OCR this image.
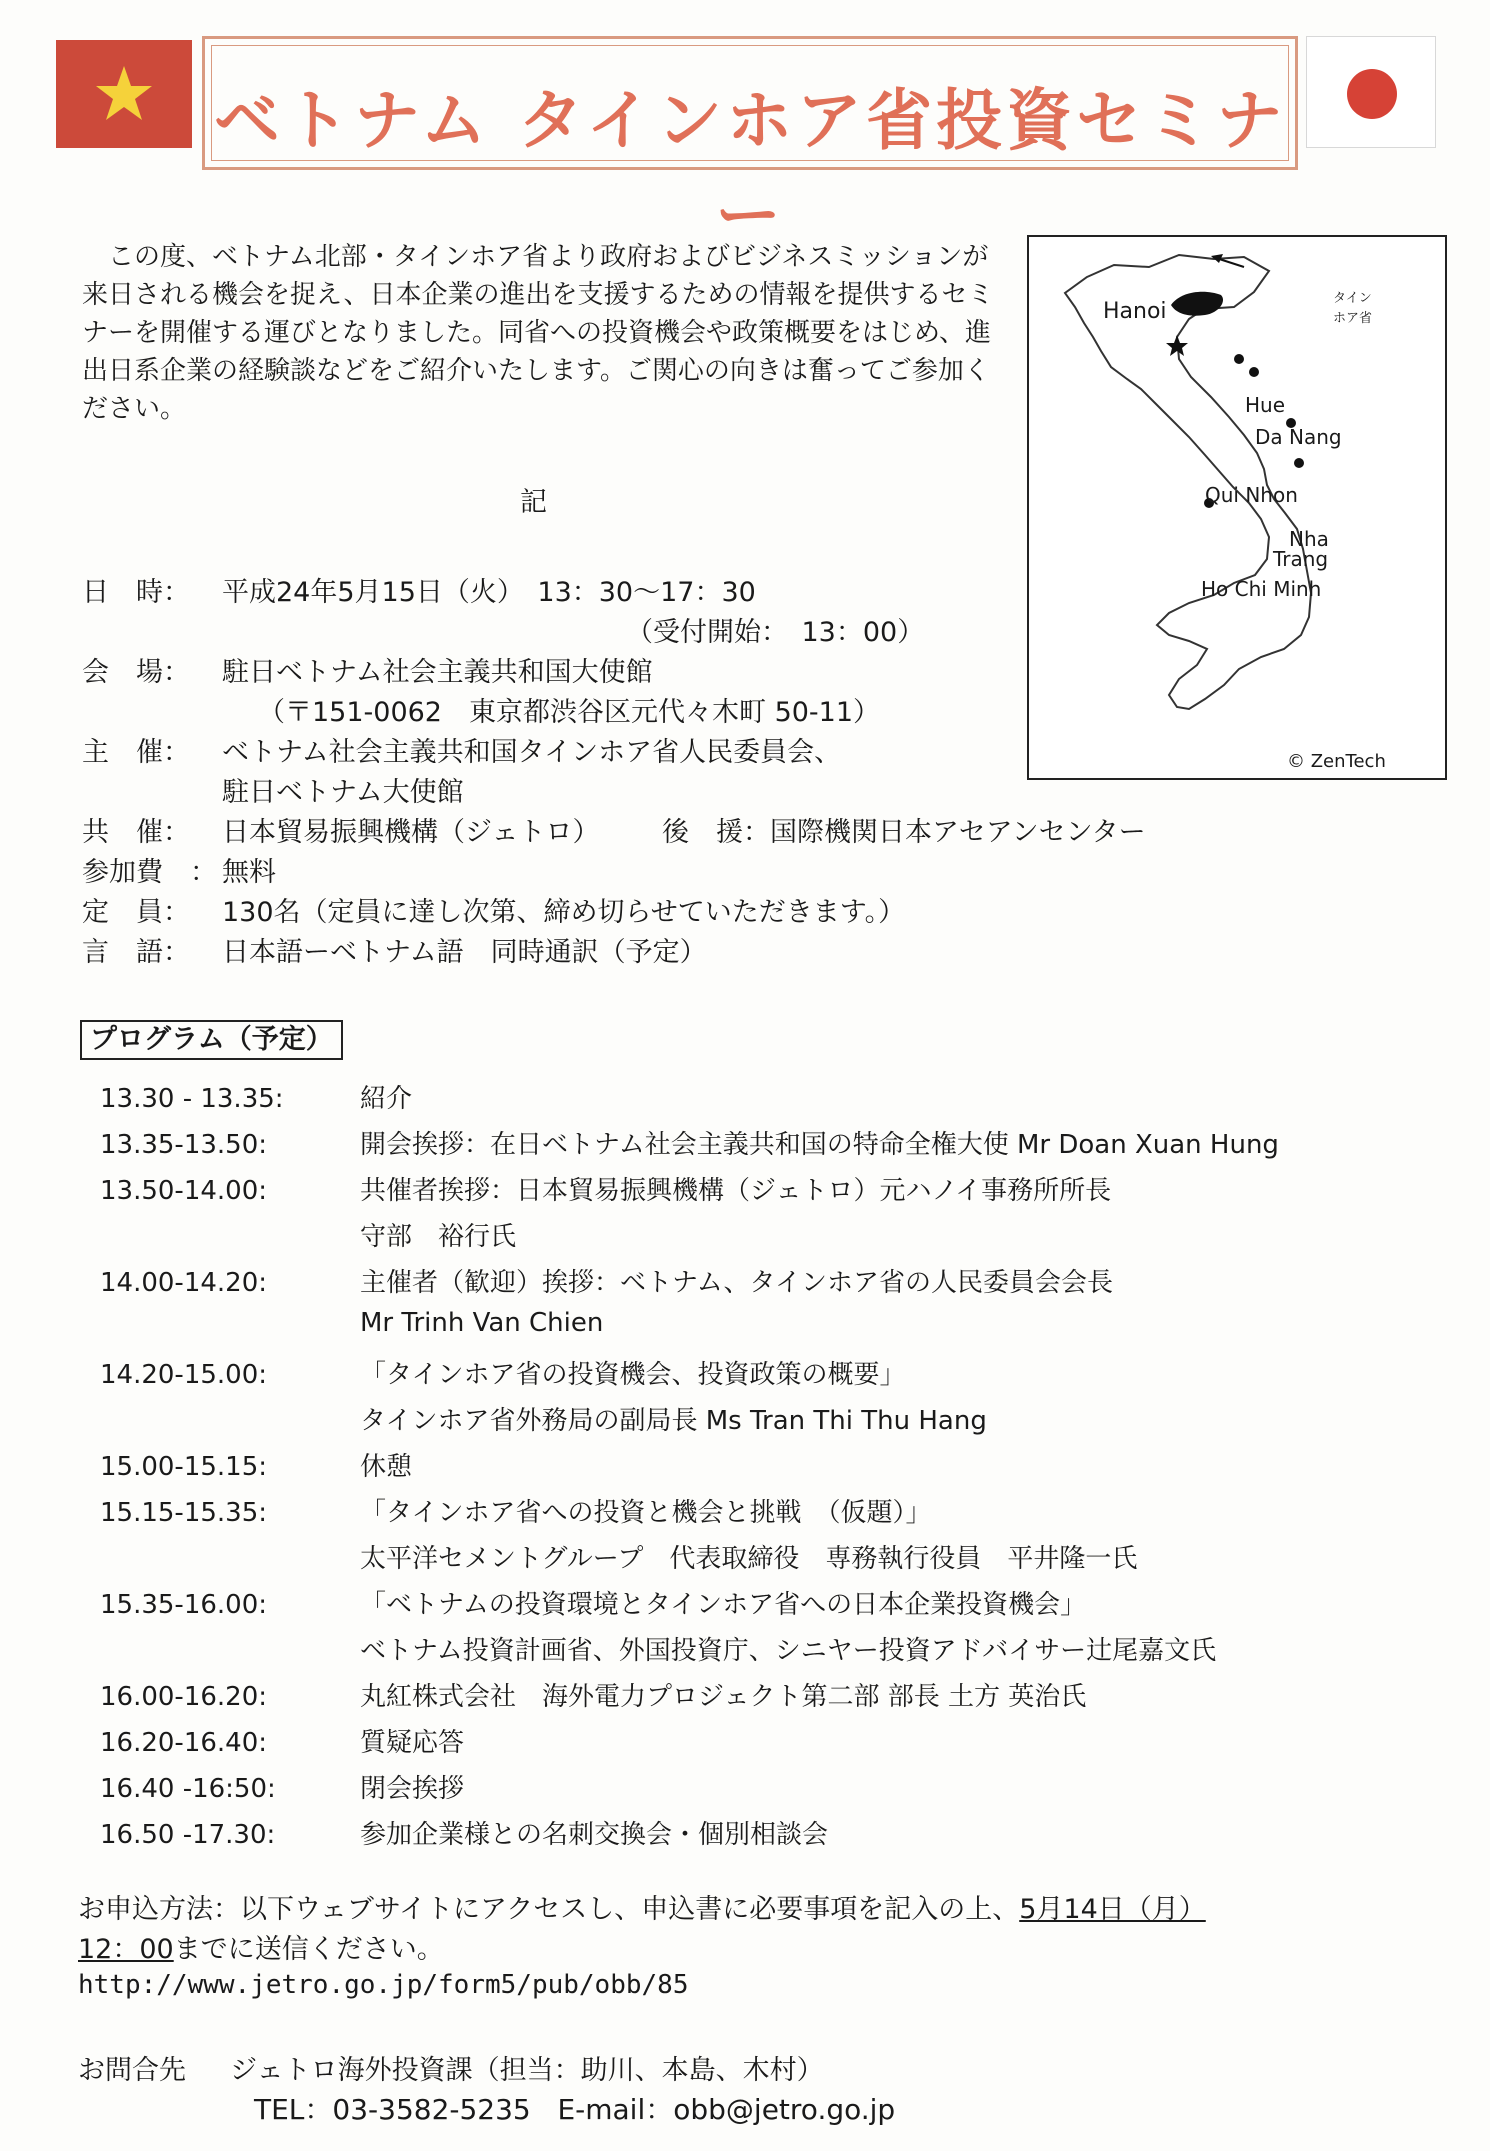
ベトナム タインホア省投資セミナー
この度、ベトナム北部・タインホア省より政府およびビジネスミッションが来日される機会を捉え、日本企業の進出を支援するための情報を提供するセミナーを開催する運びとなりました。同省への投資機会や政策概要をはじめ、進出日系企業の経験談などをご紹介いたします。ご関心の向きは奮ってご参加ください。
記
Hanoi
タイン
ホア省
Hue
Da Nang
Qui Nhon
Nha
Trang
Ho Chi Minh
© ZenTech
日　時： 平成24年5月15日（火）　13：30〜17：30
（受付開始：　13：00）
会　場： 駐日ベトナム社会主義共和国大使館
（〒151-0062　東京都渋谷区元代々木町 50-11）
主　催： ベトナム社会主義共和国タインホア省人民委員会、
駐日ベトナム大使館
共　催： 日本貿易振興機構（ジェトロ） 後　援：国際機関日本アセアンセンター
参加費　： 無料
定　員： 130名（定員に達し次第、締め切らせていただきます。）
言　語： 日本語ーベトナム語　同時通訳（予定）
プログラム（予定）
13.30 - 13.35:	紹介
13.35-13.50:	開会挨拶：在日ベトナム社会主義共和国の特命全権大使 Mr Doan Xuan Hung
13.50-14.00:	共催者挨拶：日本貿易振興機構（ジェトロ）元ハノイ事務所所長
守部　裕行氏
14.00-14.20:	主催者（歓迎）挨拶：ベトナム、タインホア省の人民委員会会長
Mr Trinh Van Chien
14.20-15.00:	「タインホア省の投資機会、投資政策の概要」
タインホア省外務局の副局長 Ms Tran Thi Thu Hang
15.00-15.15:	休憩
15.15-15.35:	「タインホア省への投資と機会と挑戦　（仮題）」
太平洋セメントグループ　代表取締役　専務執行役員　平井隆一氏
15.35-16.00:	「ベトナムの投資環境とタインホア省への日本企業投資機会」
ベトナム投資計画省、外国投資庁、シニヤー投資アドバイサー辻尾嘉文氏
16.00-16.20:	丸紅株式会社　海外電力プロジェクト第二部 部長 土方 英治氏
16.20-16.40:	質疑応答
16.40 -16:50:	閉会挨拶
16.50 -17.30:	参加企業様との名刺交換会・個別相談会
お申込方法：以下ウェブサイトにアクセスし、申込書に必要事項を記入の上、5月14日（月）
12：00までに送信ください。
http://www.jetro.go.jp/form5/pub/obb/85
お問合先　  ジェトロ海外投資課（担当：助川、本島、木村）
TEL：03-3582-5235 E-mail：obb@jetro.go.jp
